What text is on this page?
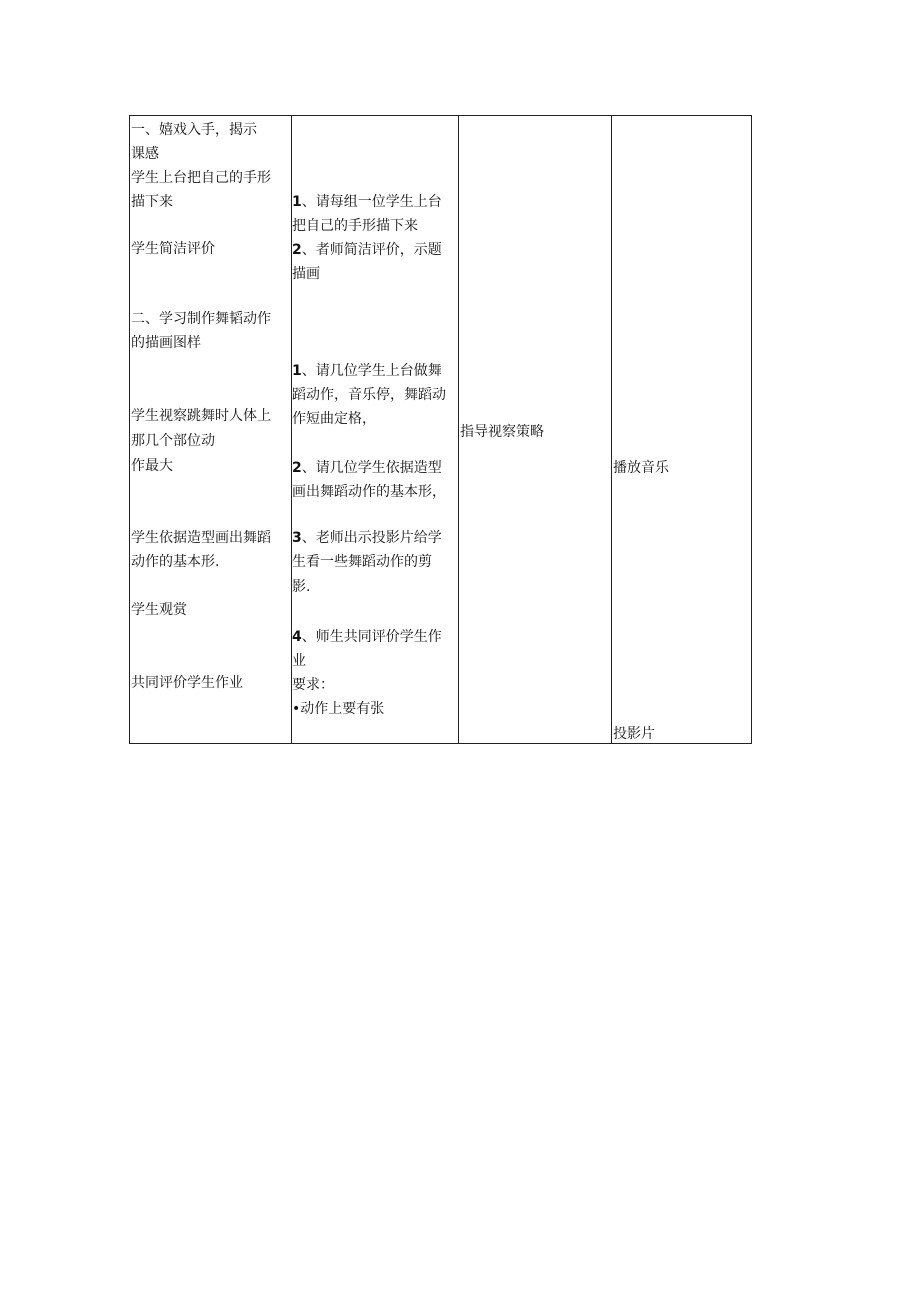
一、嬉戏入手，揭示
课感
学生上台把自己的手形
描下来
学生简洁评价
二、学习制作舞韬动作
的描画图样
学生视察跳舞时人体上
那几个部位动
作最大
学生依据造型画出舞蹈
动作的基本形.
学生观赏
共同评价学生作业
1、请每组一位学生上台
把自己的手形描下来
2、者师简洁评价，示题
描画
1、请几位学生上台做舞
蹈动作，音乐停，舞蹈动
作短曲定格，
2、请几位学生依据造型
画出舞蹈动作的基本形，
3、老师出示投影片给学
生看一些舞蹈动作的剪
影.
4、师生共同评价学生作
业
要求：
•动作上要有张
指导视察策略
播放音乐
投影片
